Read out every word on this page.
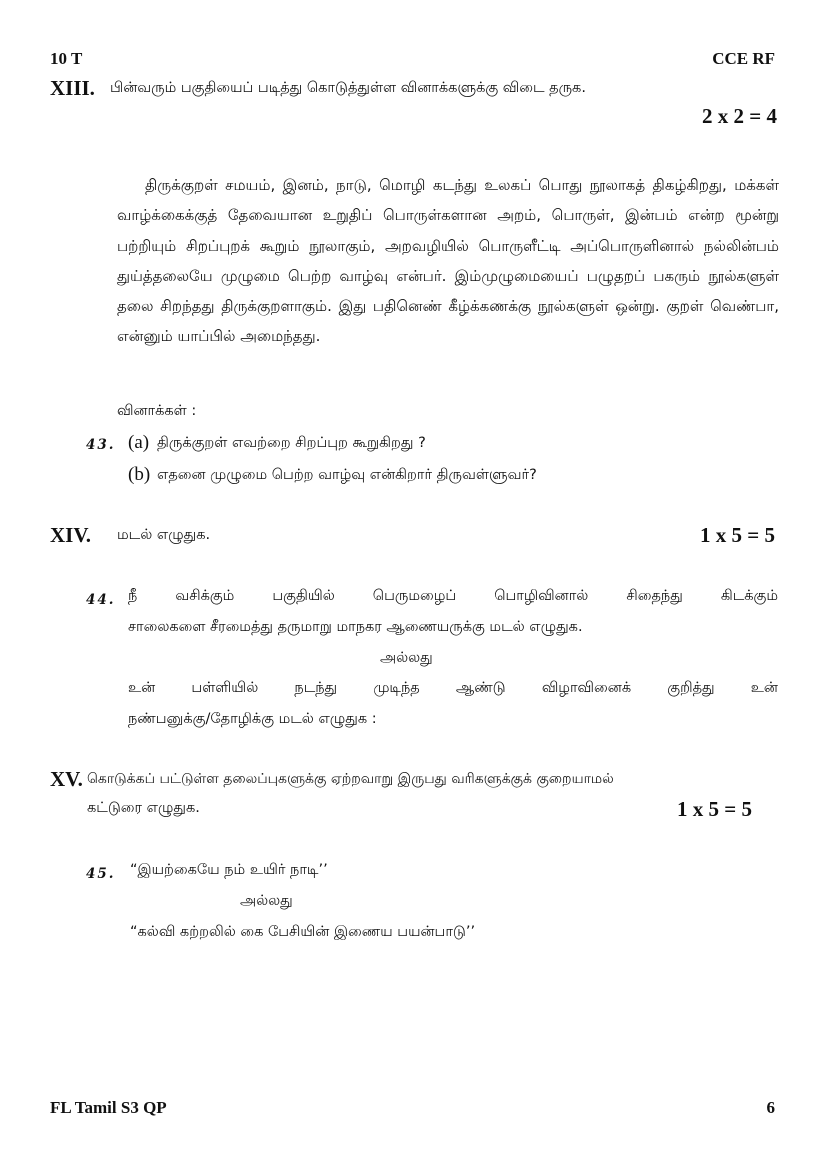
10 T	CCE RF
XIII. பின்வரும் பகுதியைப் படித்து கொடுத்துள்ள வினாக்களுக்கு விடை தருக.
2 x 2 = 4
திருக்குறள் சமயம், இனம், நாடு, மொழி கடந்து உலகப் பொது நூலாகத் திகழ்கிறது, மக்கள் வாழ்க்கைக்குத் தேவையான உறுதிப் பொருள்களான அறம், பொருள், இன்பம் என்ற மூன்று பற்றியும் சிறப்புறக் கூறும் நூலாகும், அறவழியில் பொருளீட்டி அப்பொருளினால் நல்லின்பம் துய்த்தலையே முழுமை பெற்ற வாழ்வு என்பர். இம்முழுமையைப் பழுதறப் பகரும் நூல்களுள் தலை சிறந்தது திருக்குறளாகும். இது பதினெண் கீழ்க்கணக்கு நூல்களுள் ஒன்று. குறள் வெண்பா, என்னும் யாப்பில் அமைந்தது.
வினாக்கள் :
43. (a) திருக்குறள் எவற்றை சிறப்புற கூறுகிறது ?
(b) எதனை முழுமை பெற்ற வாழ்வு என்கிறார் திருவள்ளுவர்?
XIV. மடல் எழுதுக.	1 x 5 = 5
44. நீ வசிக்கும் பகுதியில் பெருமழைப் பொழிவினால் சிதைந்து கிடக்கும்
சாலைகளை சீரமைத்து தருமாறு மாநகர ஆணையருக்கு மடல் எழுதுக.
அல்லது
உன் பள்ளியில் நடந்து முடிந்த ஆண்டு விழாவினைக் குறித்து உன்
நண்பனுக்கு/தோழிக்கு மடல் எழுதுக :
XV. கொடுக்கப் பட்டுள்ள தலைப்புகளுக்கு ஏற்றவாறு இருபது வரிகளுக்குக் குறையாமல்
கட்டுரை எழுதுக.	1 x 5 = 5
45. “இயற்கையே நம் உயிர் நாடி’’
அல்லது
“கல்வி கற்றலில் கை பேசியின் இணைய பயன்பாடு’’
FL Tamil S3 QP	6
